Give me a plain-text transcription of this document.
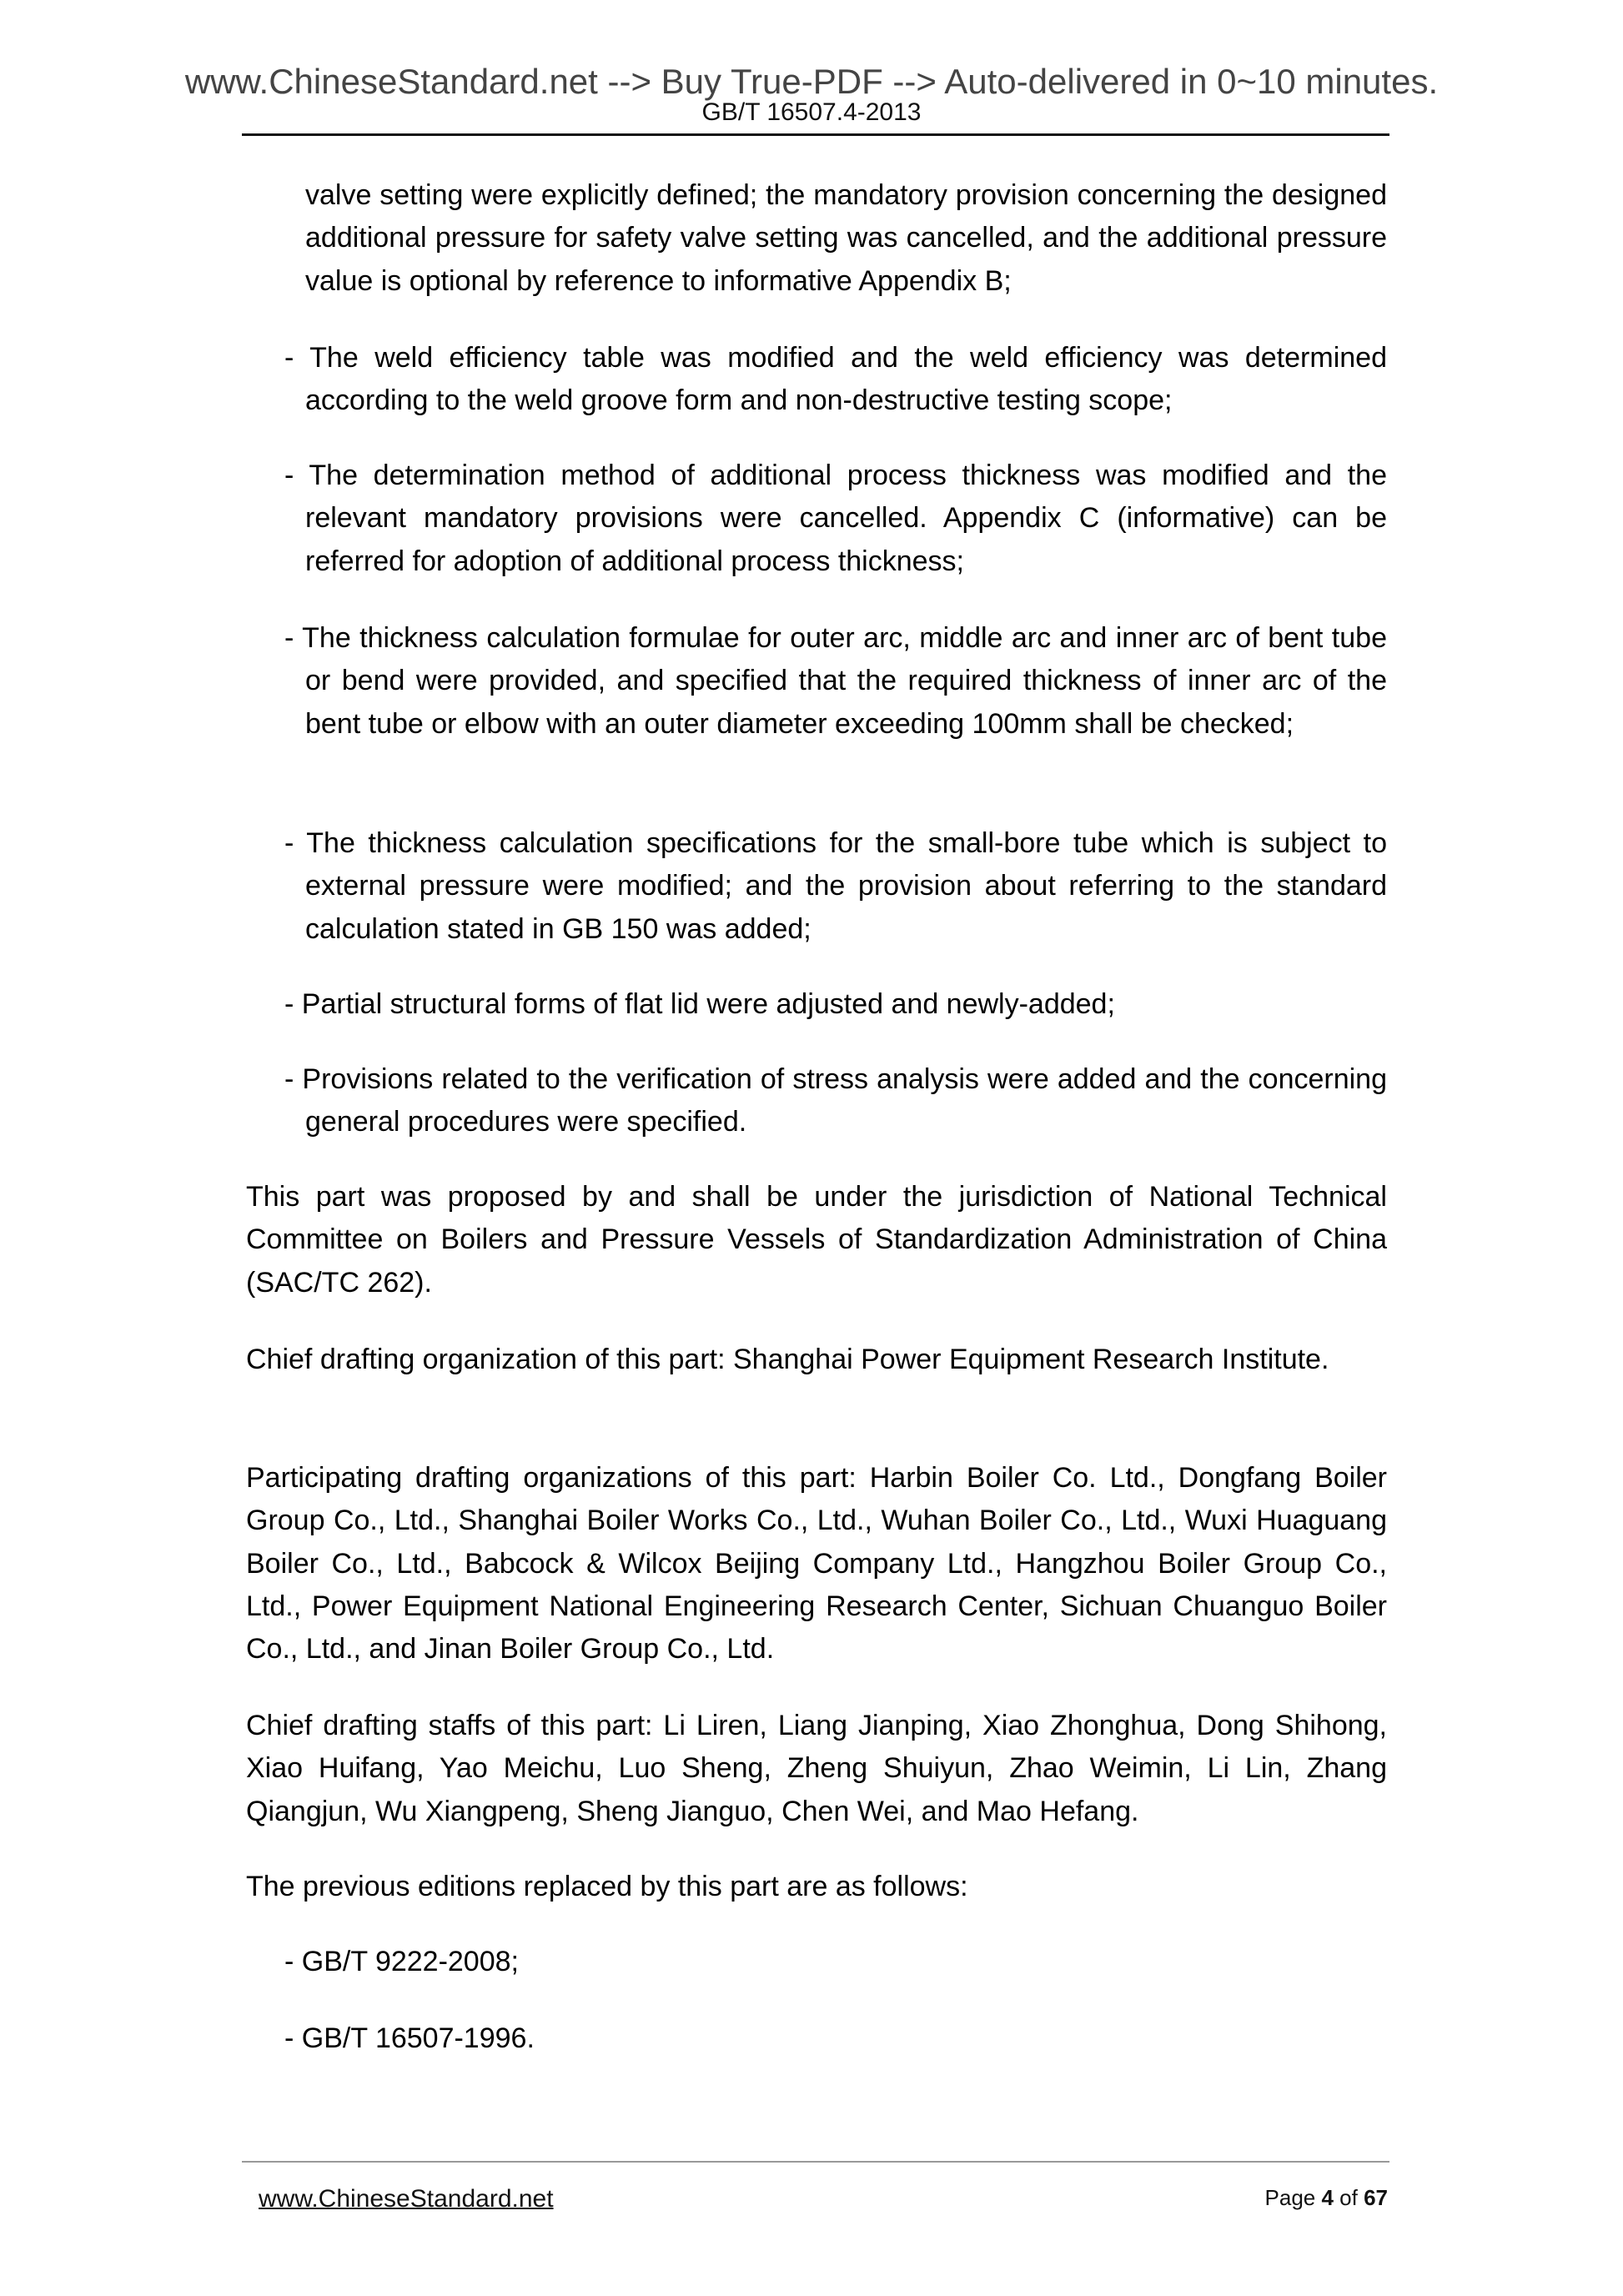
www.ChineseStandard.net --> Buy True-PDF --> Auto-delivered in 0~10 minutes.
GB/T 16507.4-2013
valve setting were explicitly defined; the mandatory provision concerning the designed additional pressure for safety valve setting was cancelled, and the additional pressure value is optional by reference to informative Appendix B;
- The weld efficiency table was modified and the weld efficiency was determined according to the weld groove form and non-destructive testing scope;
- The determination method of additional process thickness was modified and the relevant mandatory provisions were cancelled. Appendix C (informative) can be referred for adoption of additional process thickness;
- The thickness calculation formulae for outer arc, middle arc and inner arc of bent tube or bend were provided, and specified that the required thickness of inner arc of the bent tube or elbow with an outer diameter exceeding 100mm shall be checked;
- The thickness calculation specifications for the small-bore tube which is subject to external pressure were modified; and the provision about referring to the standard calculation stated in GB 150 was added;
- Partial structural forms of flat lid were adjusted and newly-added;
- Provisions related to the verification of stress analysis were added and the concerning general procedures were specified.
This part was proposed by and shall be under the jurisdiction of National Technical Committee on Boilers and Pressure Vessels of Standardization Administration of China (SAC/TC 262).
Chief drafting organization of this part: Shanghai Power Equipment Research Institute.
Participating drafting organizations of this part: Harbin Boiler Co. Ltd., Dongfang Boiler Group Co., Ltd., Shanghai Boiler Works Co., Ltd., Wuhan Boiler Co., Ltd., Wuxi Huaguang Boiler Co., Ltd., Babcock & Wilcox Beijing Company Ltd., Hangzhou Boiler Group Co., Ltd., Power Equipment National Engineering Research Center, Sichuan Chuanguo Boiler Co., Ltd., and Jinan Boiler Group Co., Ltd.
Chief drafting staffs of this part: Li Liren, Liang Jianping, Xiao Zhonghua, Dong Shihong, Xiao Huifang, Yao Meichu, Luo Sheng, Zheng Shuiyun, Zhao Weimin, Li Lin, Zhang Qiangjun, Wu Xiangpeng, Sheng Jianguo, Chen Wei, and Mao Hefang.
The previous editions replaced by this part are as follows:
- GB/T 9222-2008;
- GB/T 16507-1996.
www.ChineseStandard.net	Page 4 of 67
